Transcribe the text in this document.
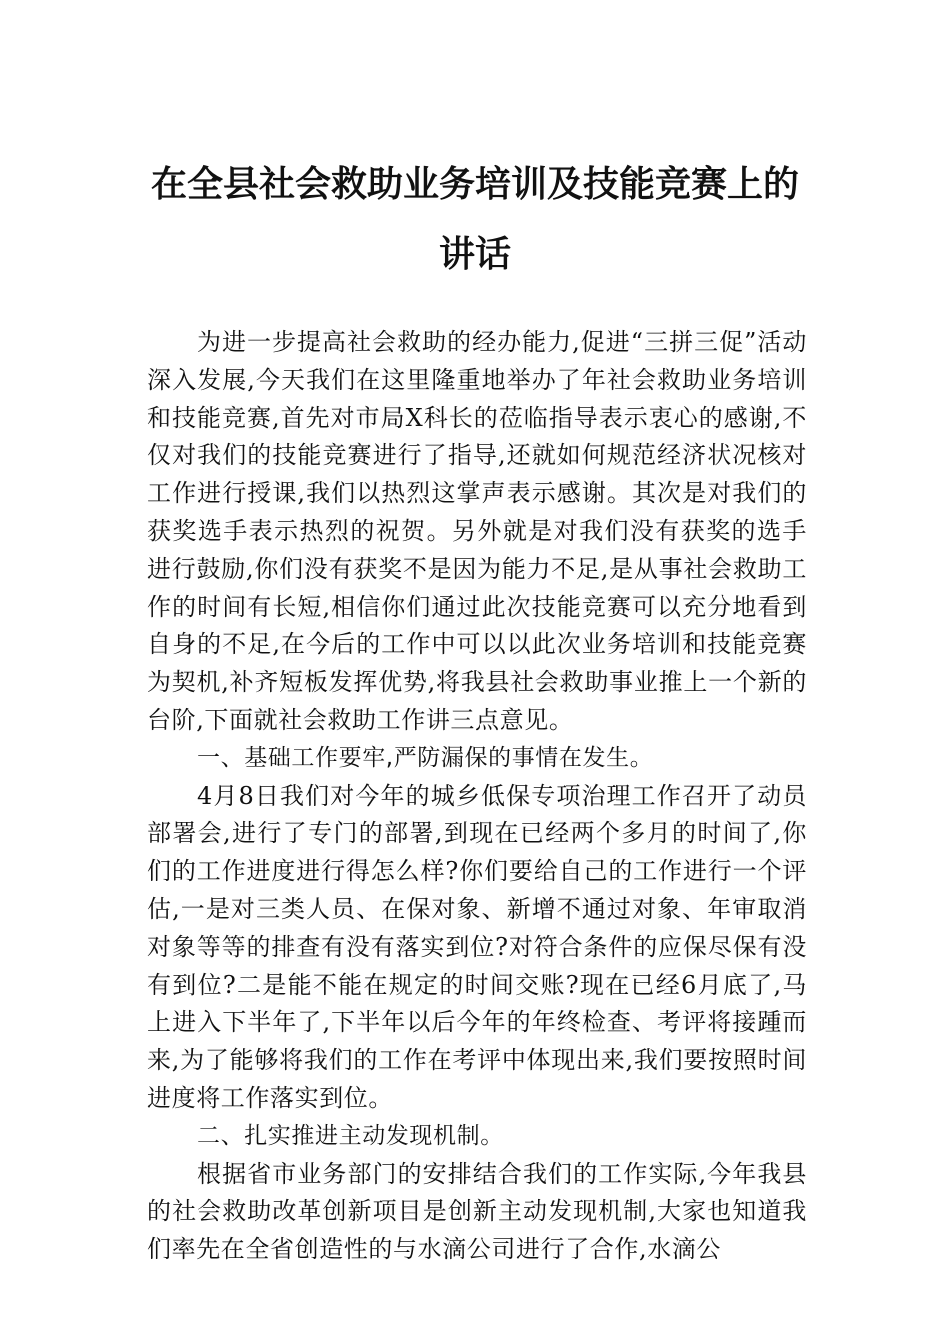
在全县社会救助业务培训及技能竞赛上的
讲话

为进一步提高社会救助的经办能力,促进“三拼三促”活动深入发展,今天我们在这里隆重地举办了年社会救助业务培训和技能竞赛,首先对市局X科长的莅临指导表示衷心的感谢,不仅对我们的技能竞赛进行了指导,还就如何规范经济状况核对工作进行授课,我们以热烈这掌声表示感谢。其次是对我们的获奖选手表示热烈的祝贺。另外就是对我们没有获奖的选手进行鼓励,你们没有获奖不是因为能力不足,是从事社会救助工作的时间有长短,相信你们通过此次技能竞赛可以充分地看到自身的不足,在今后的工作中可以以此次业务培训和技能竞赛为契机,补齐短板发挥优势,将我县社会救助事业推上一个新的台阶,下面就社会救助工作讲三点意见。

一、基础工作要牢,严防漏保的事情在发生。

4月8日我们对今年的城乡低保专项治理工作召开了动员部署会,进行了专门的部署,到现在已经两个多月的时间了,你们的工作进度进行得怎么样?你们要给自己的工作进行一个评估,一是对三类人员、在保对象、新增不通过对象、年审取消对象等等的排查有没有落实到位?对符合条件的应保尽保有没有到位?二是能不能在规定的时间交账?现在已经6月底了,马上进入下半年了,下半年以后今年的年终检查、考评将接踵而来,为了能够将我们的工作在考评中体现出来,我们要按照时间进度将工作落实到位。

二、扎实推进主动发现机制。

根据省市业务部门的安排结合我们的工作实际,今年我县的社会救助改革创新项目是创新主动发现机制,大家也知道我们率先在全省创造性的与水滴公司进行了合作,水滴公
